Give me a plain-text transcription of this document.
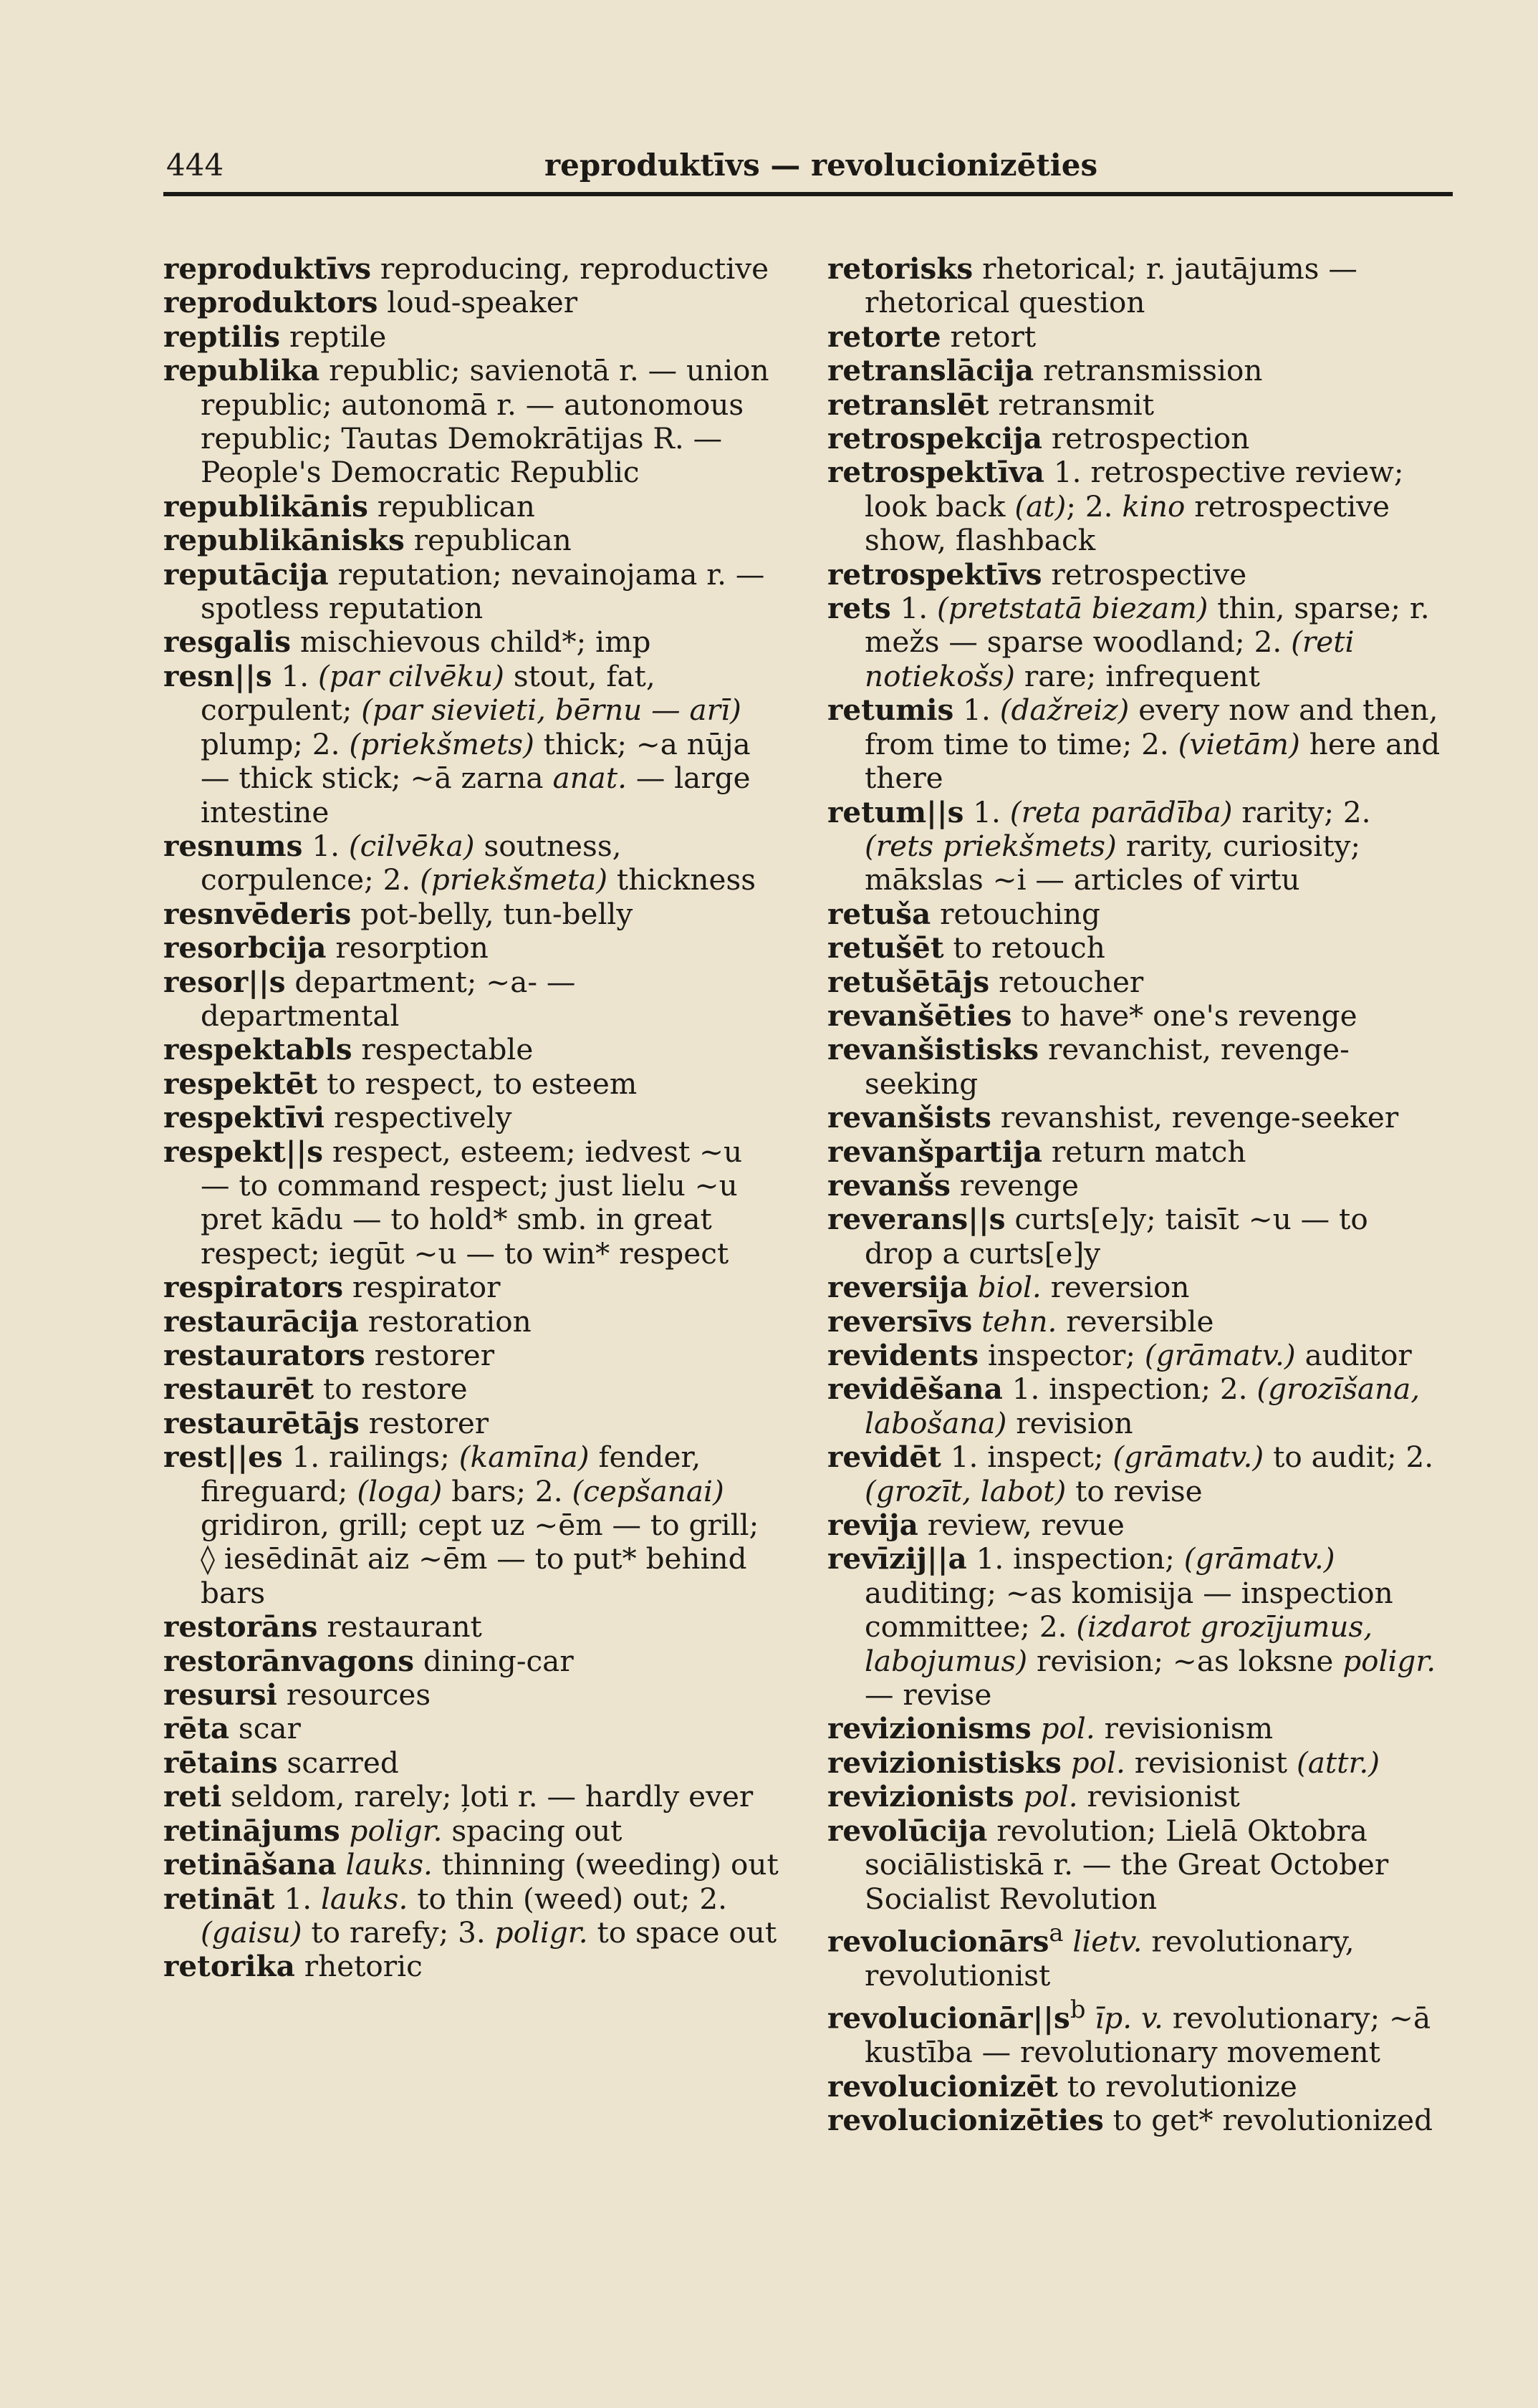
444	reproduktīvs — revolucionizēties
reproduktīvs reproducing, reproductive
reproduktors loud-speaker
reptilis reptile
republika republic; savienotā r. — union republic; autonomā r. — autonomous republic; Tautas Demokrātijas R. — People's Democratic Republic
republikānis republican
republikānisks republican
reputācija reputation; nevainojama r. — spotless reputation
resgalis mischievous child*; imp
resn||s 1. (par cilvēku) stout, fat, corpulent; (par sievieti, bērnu — arī) plump; 2. (priekšmets) thick; ~a nūja — thick stick; ~ā zarna anat. — large intestine
resnums 1. (cilvēka) soutness, corpulence; 2. (priekšmeta) thickness
resnvēderis pot-belly, tun-belly
resorbcija resorption
resor||s department; ~a- — departmental
respektabls respectable
respektēt to respect, to esteem
respektīvi respectively
respekt||s respect, esteem; iedvest ~u — to command respect; just lielu ~u pret kādu — to hold* smb. in great respect; iegūt ~u — to win* respect
respirators respirator
restaurācija restoration
restaurators restorer
restaurēt to restore
restaurētājs restorer
rest||es 1. railings; (kamīna) fender, fireguard; (loga) bars; 2. (cepšanai) gridiron, grill; cept uz ~ēm — to grill; ◊ iesēdināt aiz ~ēm — to put* behind bars
restorāns restaurant
restorānvagons dining-car
resursi resources
rēta scar
rētains scarred
reti seldom, rarely; ļoti r. — hardly ever
retinājums poligr. spacing out
retināšana lauks. thinning (weeding) out
retināt 1. lauks. to thin (weed) out; 2. (gaisu) to rarefy; 3. poligr. to space out
retorika rhetoric
retorisks rhetorical; r. jautājums — rhetorical question
retorte retort
retranslācija retransmission
retranslēt retransmit
retrospekcija retrospection
retrospektīva 1. retrospective review; look back (at); 2. kino retrospective show, flashback
retrospektīvs retrospective
rets 1. (pretstatā biezam) thin, sparse; r. mežs — sparse woodland; 2. (reti notiekošs) rare; infrequent
retumis 1. (dažreiz) every now and then, from time to time; 2. (vietām) here and there
retum||s 1. (reta parādība) rarity; 2. (rets priekšmets) rarity, curiosity; mākslas ~i — articles of virtu
retuša retouching
retušēt to retouch
retušētājs retoucher
revanšēties to have* one's revenge
revanšistisks revanchist, revenge-seeking
revanšists revanshist, revenge-seeker
revanšpartija return match
revanšs revenge
reverans||s curts[e]y; taisīt ~u — to drop a curts[e]y
reversija biol. reversion
reversīvs tehn. reversible
revidents inspector; (grāmatv.) auditor
revidēšana 1. inspection; 2. (grozīšana, labošana) revision
revidēt 1. inspect; (grāmatv.) to audit; 2. (grozīt, labot) to revise
revija review, revue
revīzij||a 1. inspection; (grāmatv.) auditing; ~as komisija — inspection committee; 2. (izdarot grozījumus, labojumus) revision; ~as loksne poligr. — revise
revizionisms pol. revisionism
revizionistisks pol. revisionist (attr.)
revizionists pol. revisionist
revolūcija revolution; Lielā Oktobra sociālistiskā r. — the Great October Socialist Revolution
revolucionārs$^a$ lietv. revolutionary, revolutionist
$revolucionār||s^b$ īp. v. revolutionary; ~ā kustība — revolutionary movement
revolucionizēt to revolutionize
revolucionizēties to get* revolutionized
